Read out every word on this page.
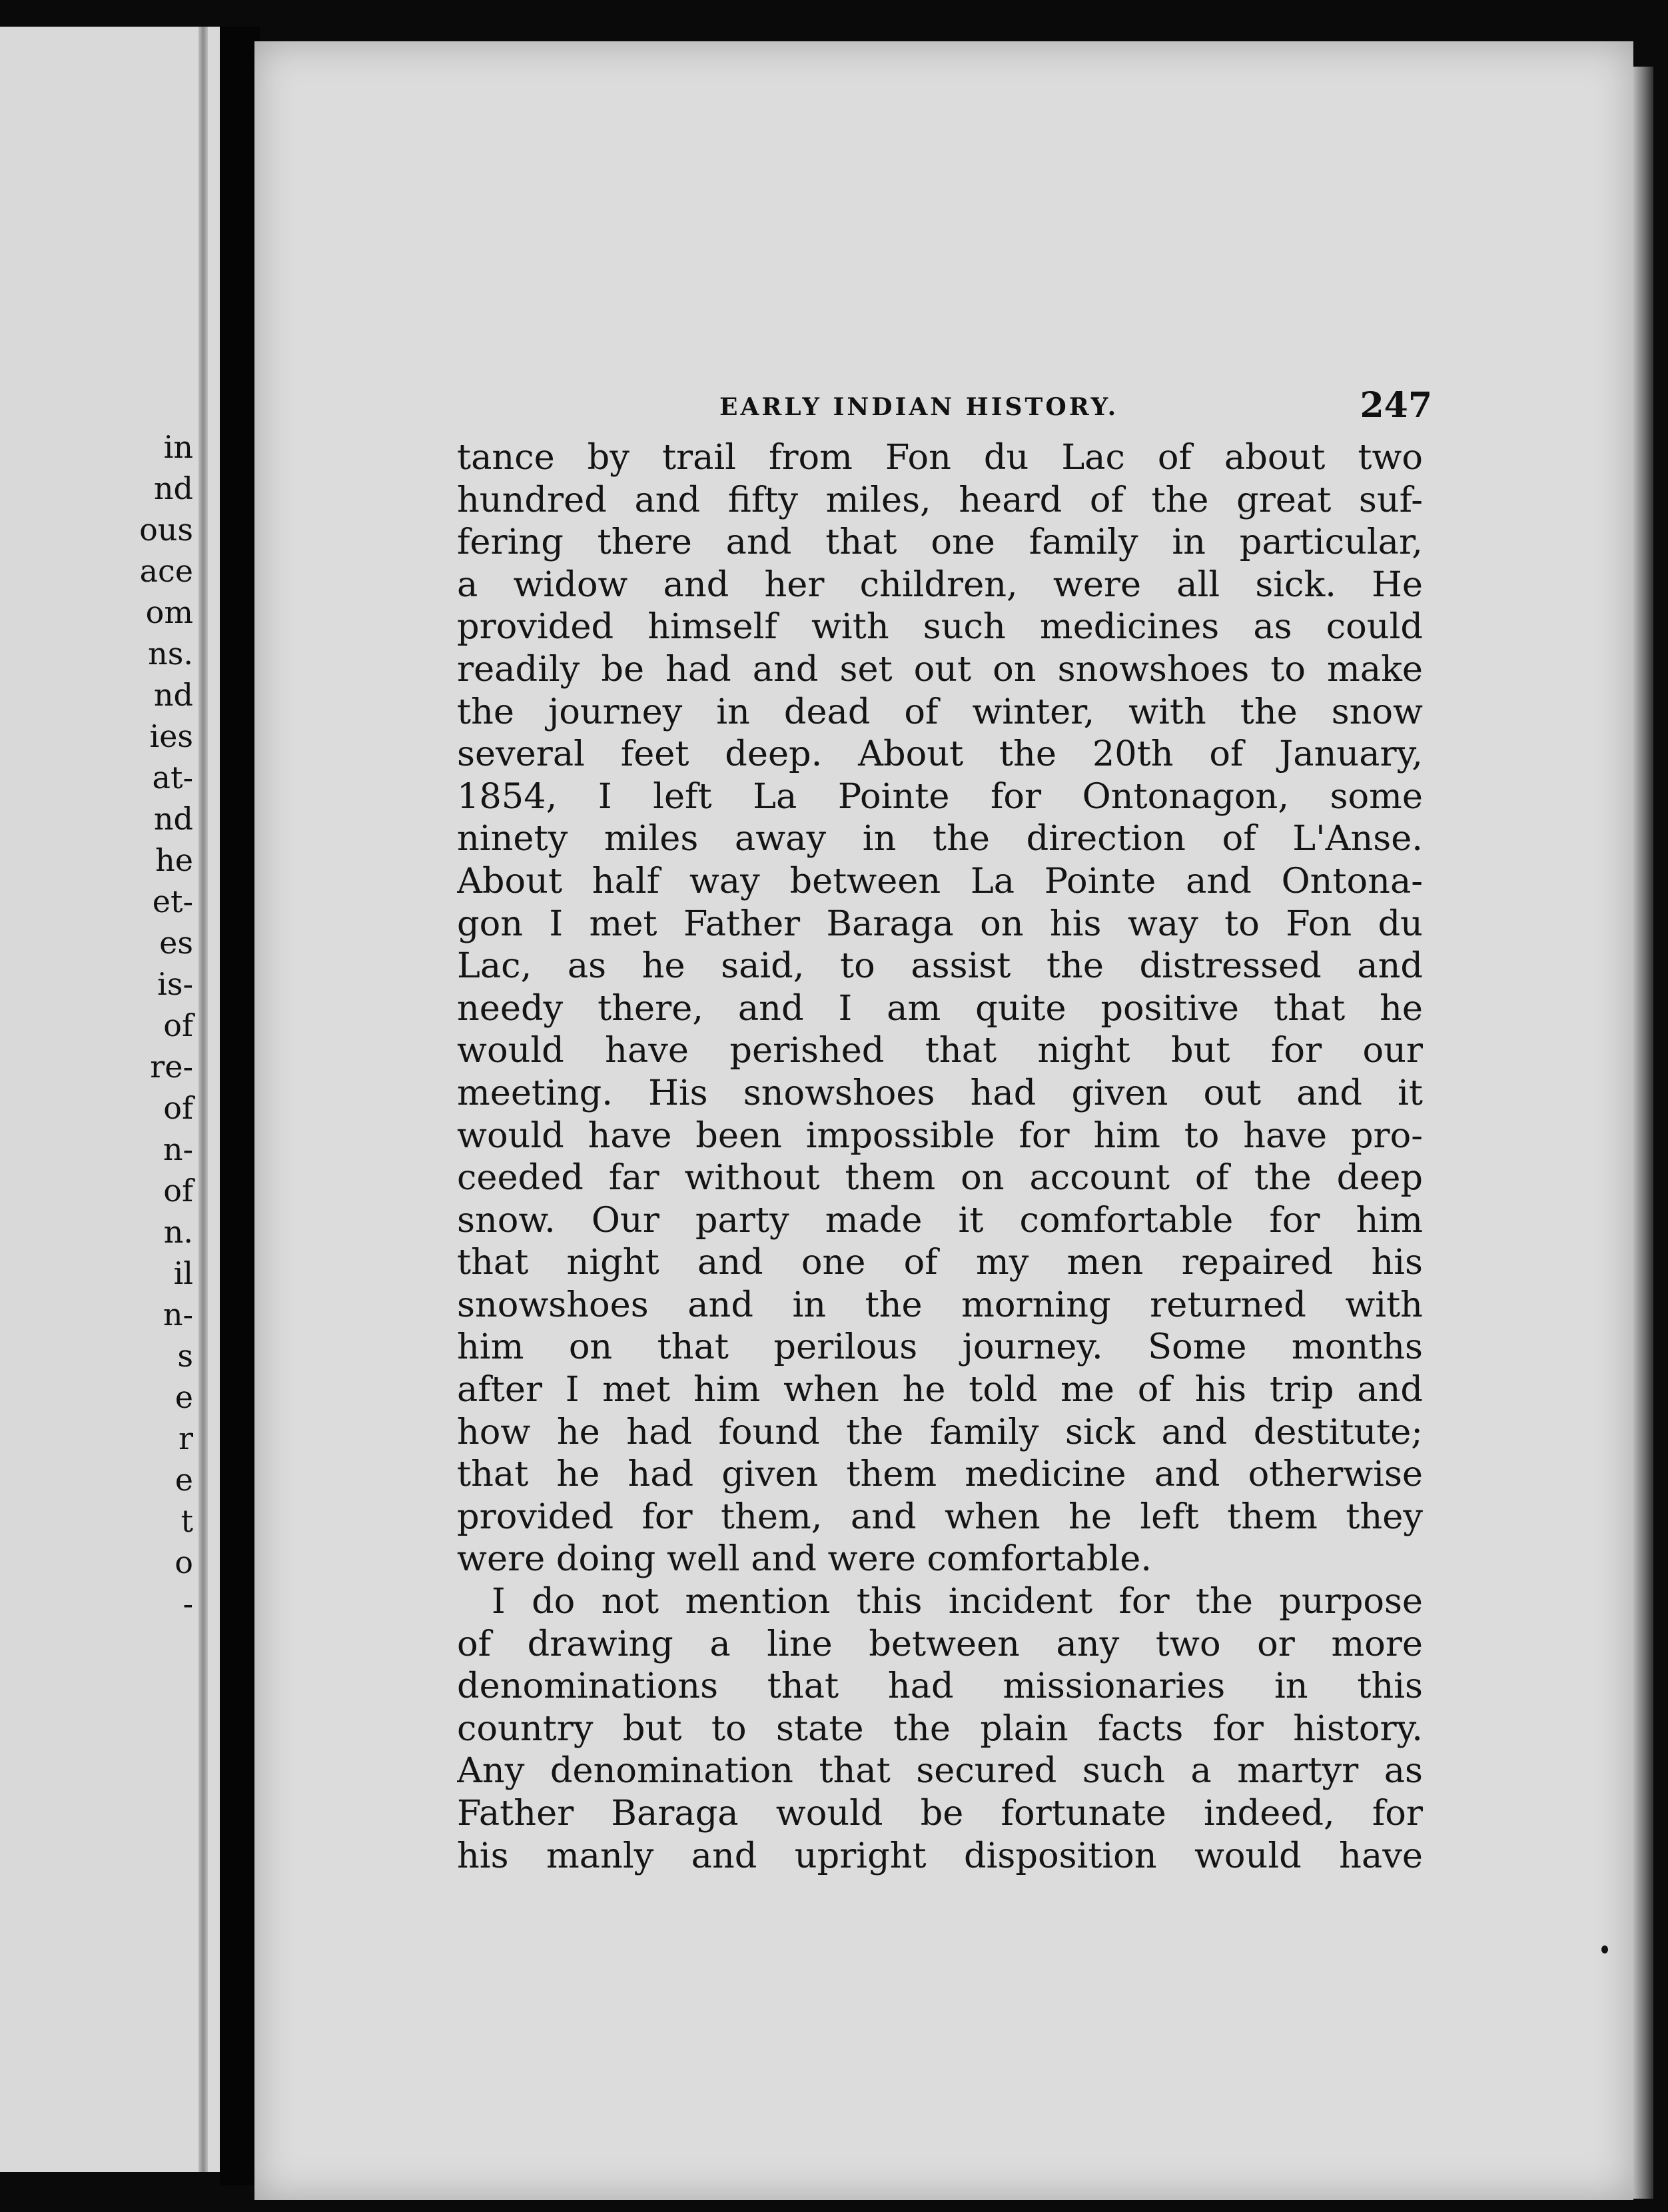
in
nd
ous
ace
om
ns.
nd
ies
at-
nd
he
et-
es
is-
of
re-
of
n-
of
n.
il
n-
s
e
r
e
t
o
-
EARLY INDIAN HISTORY.	247
tance by trail from Fon du Lac of about two
hundred and fifty miles, heard of the great suf-
fering there and that one family in particular,
a widow and her children, were all sick. He
provided himself with such medicines as could
readily be had and set out on snowshoes to make
the journey in dead of winter, with the snow
several feet deep. About the 20th of January,
1854, I left La Pointe for Ontonagon, some
ninety miles away in the direction of L'Anse.
About half way between La Pointe and Ontona-
gon I met Father Baraga on his way to Fon du
Lac, as he said, to assist the distressed and
needy there, and I am quite positive that he
would have perished that night but for our
meeting. His snowshoes had given out and it
would have been impossible for him to have pro-
ceeded far without them on account of the deep
snow. Our party made it comfortable for him
that night and one of my men repaired his
snowshoes and in the morning returned with
him on that perilous journey. Some months
after I met him when he told me of his trip and
how he had found the family sick and destitute;
that he had given them medicine and otherwise
provided for them, and when he left them they
were doing well and were comfortable.
I do not mention this incident for the purpose
of drawing a line between any two or more
denominations that had missionaries in this
country but to state the plain facts for history.
Any denomination that secured such a martyr as
Father Baraga would be fortunate indeed, for
his manly and upright disposition would have
